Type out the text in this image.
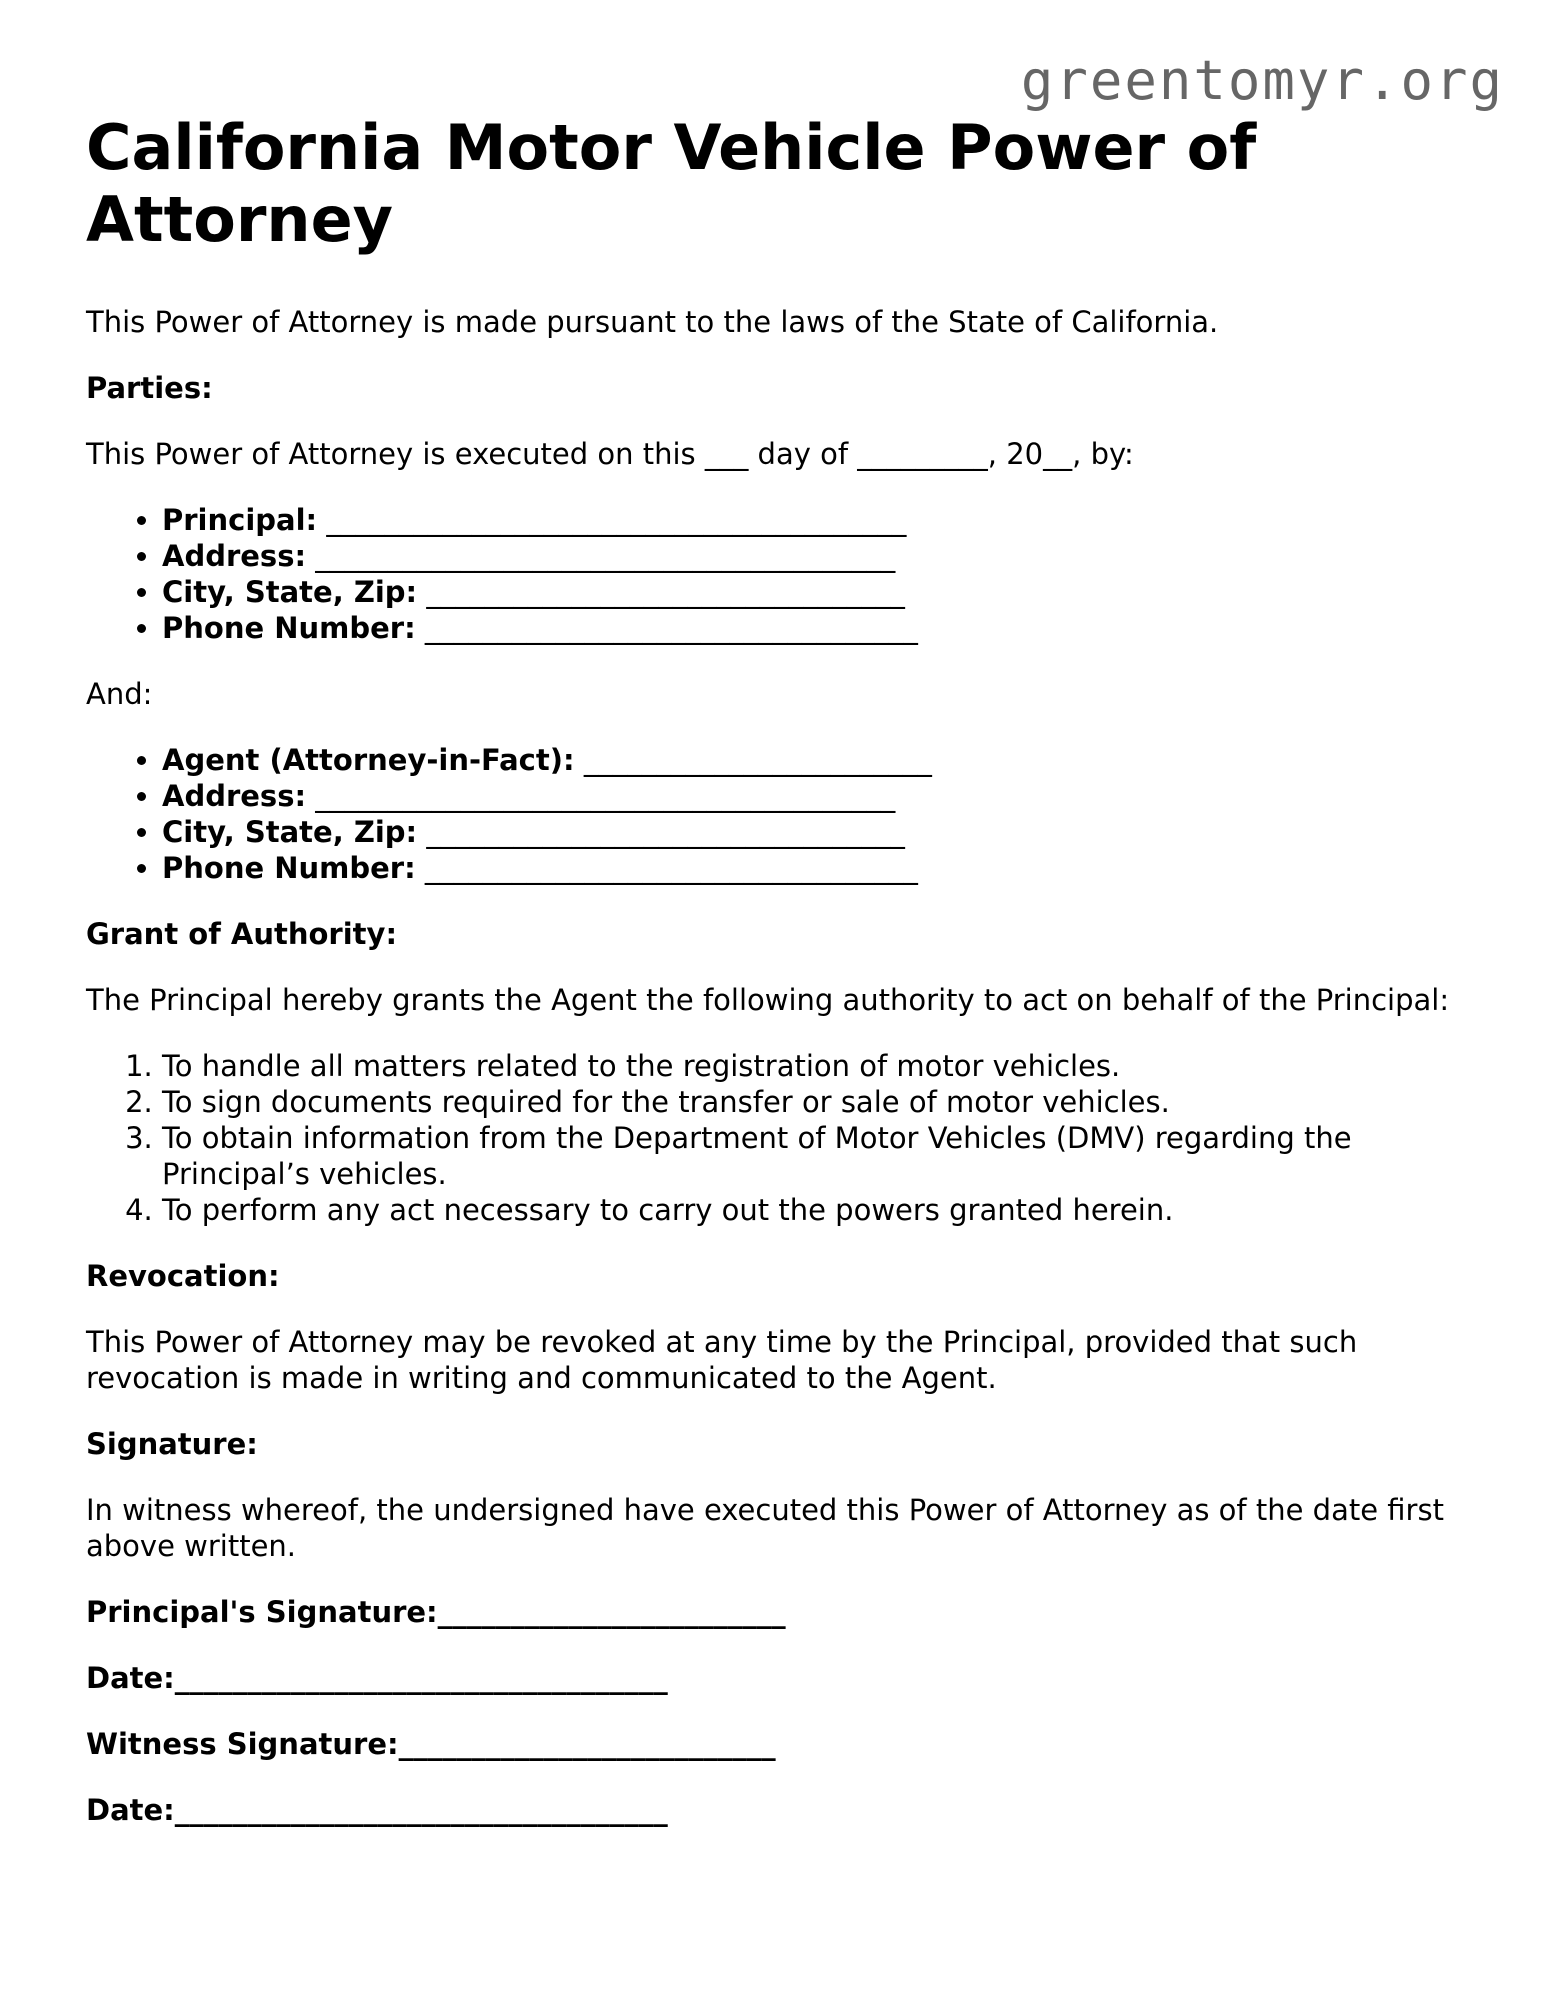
greentomyr.org
California Motor Vehicle Power of Attorney

This Power of Attorney is made pursuant to the laws of the State of California.

Parties:

This Power of Attorney is executed on this ___ day of _________, 20__, by:

• Principal: ________________________________________
• Address: ________________________________________
• City, State, Zip: _________________________________
• Phone Number: __________________________________

And:

• Agent (Attorney-in-Fact): ________________________
• Address: ________________________________________
• City, State, Zip: _________________________________
• Phone Number: __________________________________

Grant of Authority:

The Principal hereby grants the Agent the following authority to act on behalf of the Principal:

1. To handle all matters related to the registration of motor vehicles.
2. To sign documents required for the transfer or sale of motor vehicles.
3. To obtain information from the Department of Motor Vehicles (DMV) regarding the Principal’s vehicles.
4. To perform any act necessary to carry out the powers granted herein.

Revocation:

This Power of Attorney may be revoked at any time by the Principal, provided that such revocation is made in writing and communicated to the Agent.

Signature:

In witness whereof, the undersigned have executed this Power of Attorney as of the date first above written.

Principal's Signature:________________________
Date:__________________________________
Witness Signature:__________________________
Date:__________________________________
